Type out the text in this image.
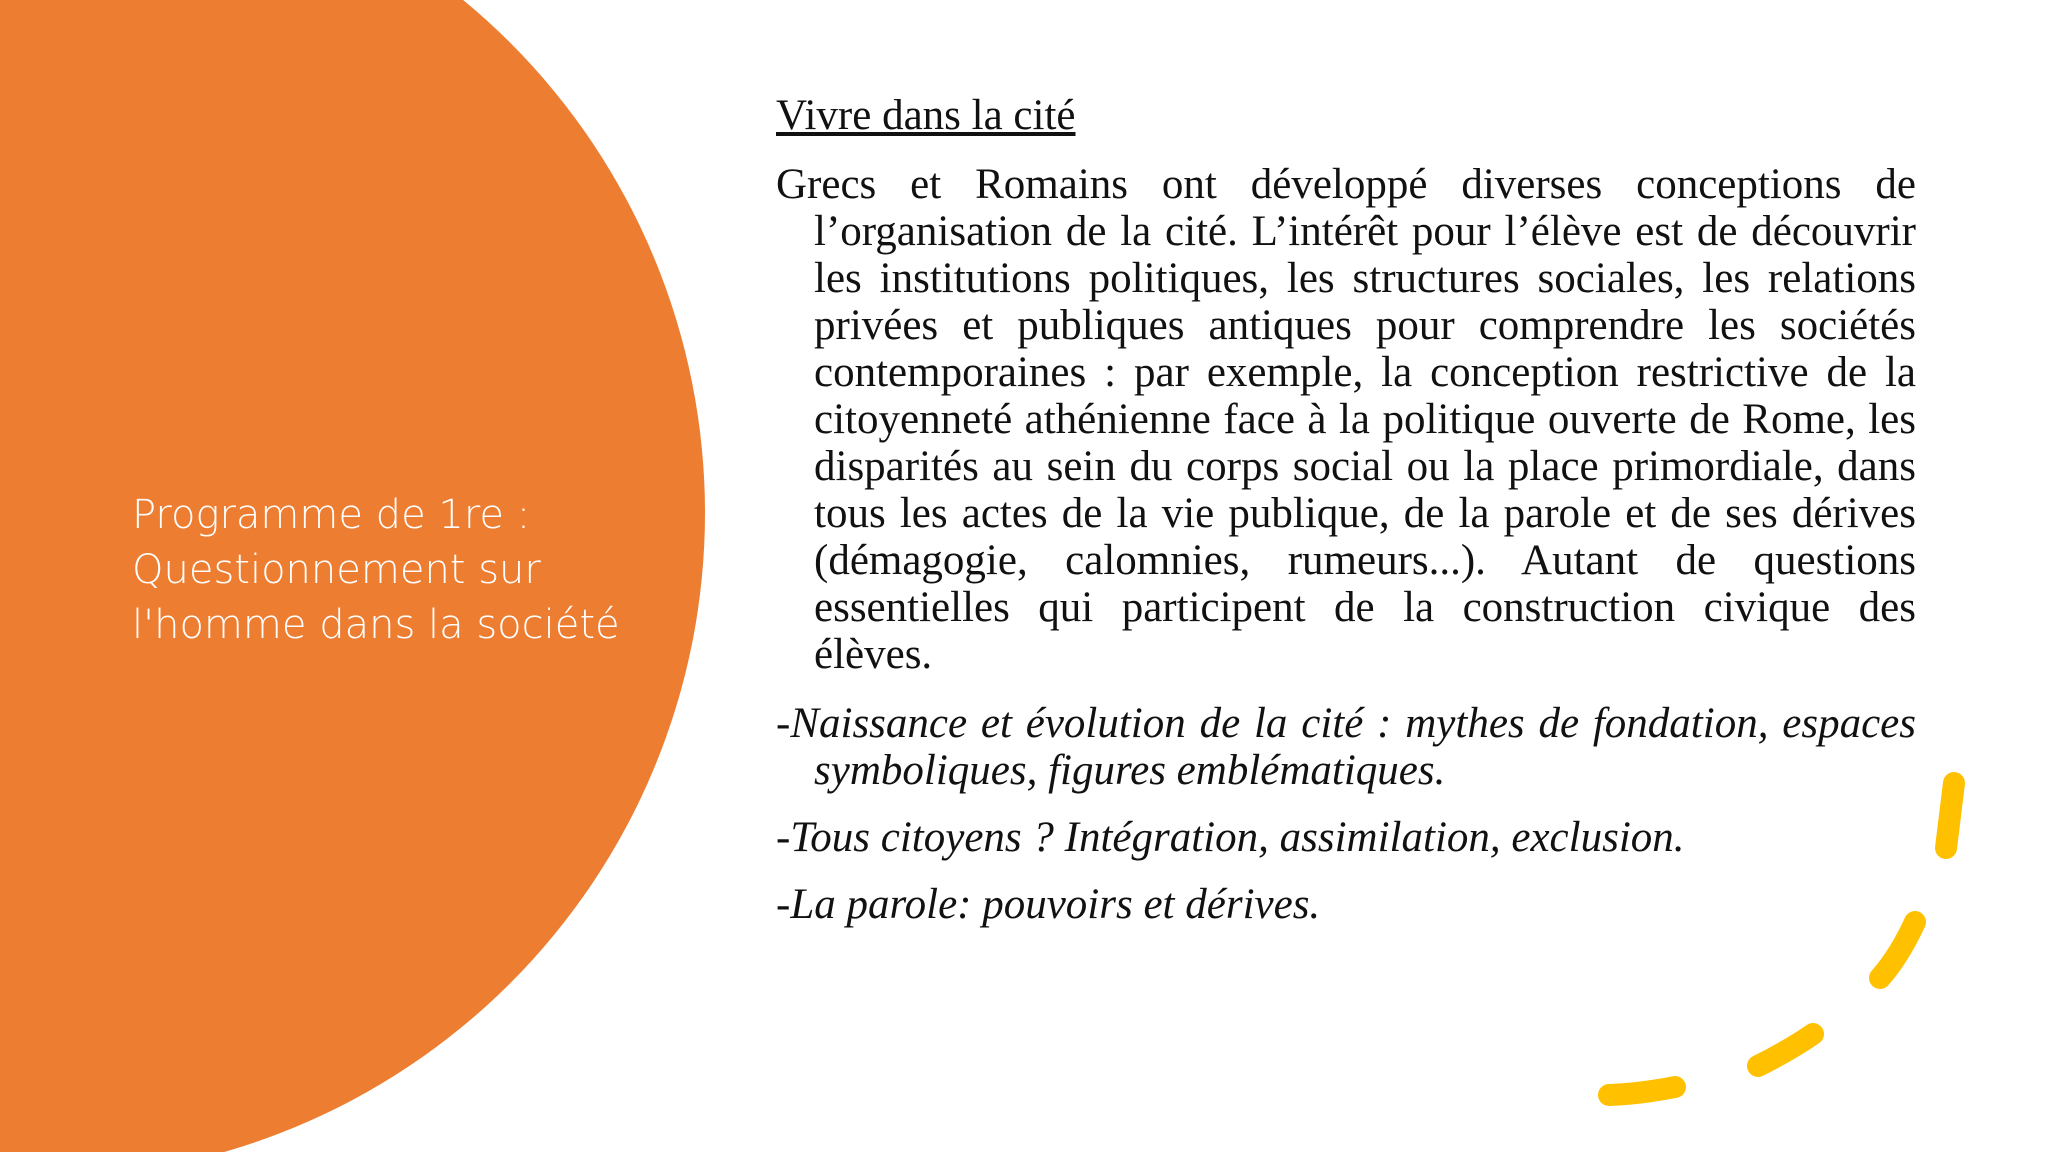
Programme de 1re :
Questionnement sur
l'homme dans la société
Vivre dans la cité
Grecs et Romains ont développé diverses conceptions de l’organisation de la cité. L’intérêt pour l’élève est de découvrir les institutions politiques, les structures sociales, les relations privées et publiques antiques pour comprendre les sociétés contemporaines : par exemple, la conception restrictive de la citoyenneté athénienne face à la politique ouverte de Rome, les disparités au sein du corps social ou la place primordiale, dans tous les actes de la vie publique, de la parole et de ses dérives (démagogie, calomnies, rumeurs...). Autant de questions essentielles qui participent de la construction civique des élèves.
-Naissance et évolution de la cité : mythes de fondation, espaces symboliques, figures emblématiques.
-Tous citoyens ? Intégration, assimilation, exclusion.
-La parole: pouvoirs et dérives.
